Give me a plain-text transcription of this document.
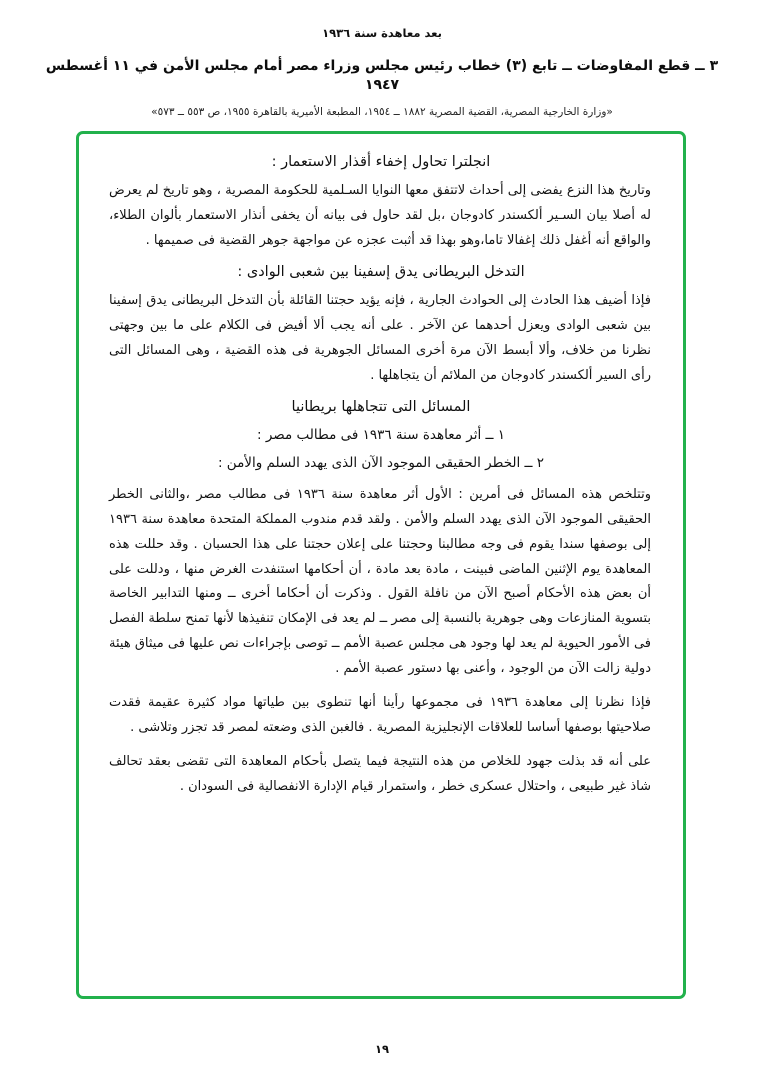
بعد معاهدة سنة ١٩٣٦
٣ ــ قطع المفاوضات ــ تابع (٣) خطاب رئيس مجلس وزراء مصر أمام مجلس الأمن في ١١ أغسطس ١٩٤٧
«وزارة الخارجية المصرية، القضية المصرية ١٨٨٢ ــ ١٩٥٤، المطبعة الأميرية بالقاهرة ١٩٥٥، ص ٥٥٣ ــ ٥٧٣»
انجلترا تحاول إخفاء أقذار الاستعمار :

وتاريخ هذا النزع يفضى إلى أحداث لاتتفق معها النوايا السـلمية للحكومة المصرية ، وهو تاريخ لم يعرض له أصلا بيان السـير ألكسندر كادوجان ،بل لقد حاول فى بيانه أن يخفى أنذار الاستعمار بألوان الطلاء، والواقع أنه أغفل ذلك إغفالا تاما،وهو بهذا قد أثبت عجزه عن مواجهة جوهر القضية فى صميمها .

التدخل البريطانى يدق إسفينا بين شعبى الوادى :

فإذا أضيف هذا الحادث إلى الحوادث الجارية ، فإنه يؤيد حجتنا القائلة بأن التدخل البريطانى يدق إسفينا بين شعبى الوادى ويعزل أحدهما عن الآخر . على أنه يجب ألا أفيض فى الكلام على ما بين وجهتى نظرنا من خلاف، وألا أبسط الآن مرة أخرى المسائل الجوهرية فى هذه القضية ، وهى المسائل التى رأى السير ألكسندر كادوجان من الملائم أن يتجاهلها .

المسائل التى تتجاهلها بريطانيا
١ ــ أثر معاهدة سنة ١٩٣٦ فى مطالب مصر :
٢ ــ الخطر الحقيقى الموجود الآن الذى يهدد السلم والأمن :

وتتلخص هذه المسائل فى أمرين : الأول أثر معاهدة سنة ١٩٣٦ فى مطالب مصر ،والثانى الخطر الحقيقى الموجود الآن الذى يهدد السلم والأمن . ولقد قدم مندوب المملكة المتحدة معاهدة سنة ١٩٣٦ إلى بوصفها سندا يقوم فى وجه مطالبنا وحجتنا على إعلان حجتنا على هذا الحسبان . وقد حللت هذه المعاهدة يوم الإثنين الماضى فبينت ، مادة بعد مادة ، أن أحكامها استنفدت الغرض منها ، ودللت على أن بعض هذه الأحكام أصبح الآن من نافلة القول . وذكرت أن أحكاما أخرى ــ ومنها التدابير الخاصة بتسوية المنازعات وهى جوهرية بالنسبة إلى مصر ــ لم يعد فى الإمكان تنفيذها لأنها تمنح سلطة الفصل فى الأمور الحيوية لم يعد لها وجود هى مجلس عصبة الأمم ــ توصى بإجراءات نص عليها فى ميثاق هيئة دولية زالت الآن من الوجود ، وأعنى بها دستور عصبة الأمم .

فإذا نظرنا إلى معاهدة ١٩٣٦ فى مجموعها رأينا أنها تنطوى بين طياتها مواد كثيرة عقيمة فقدت صلاحيتها بوصفها أساسا للعلاقات الإنجليزية المصرية . فالغبن الذى وضعته لمصر قد تجزر وتلاشى .

على أنه قد بذلت جهود للخلاص من هذه النتيجة فيما يتصل بأحكام المعاهدة التى تقضى بعقد تحالف شاذ غير طبيعى ، واحتلال عسكرى خطر ، واستمرار قيام الإدارة الانفصالية فى السودان .

١٩
